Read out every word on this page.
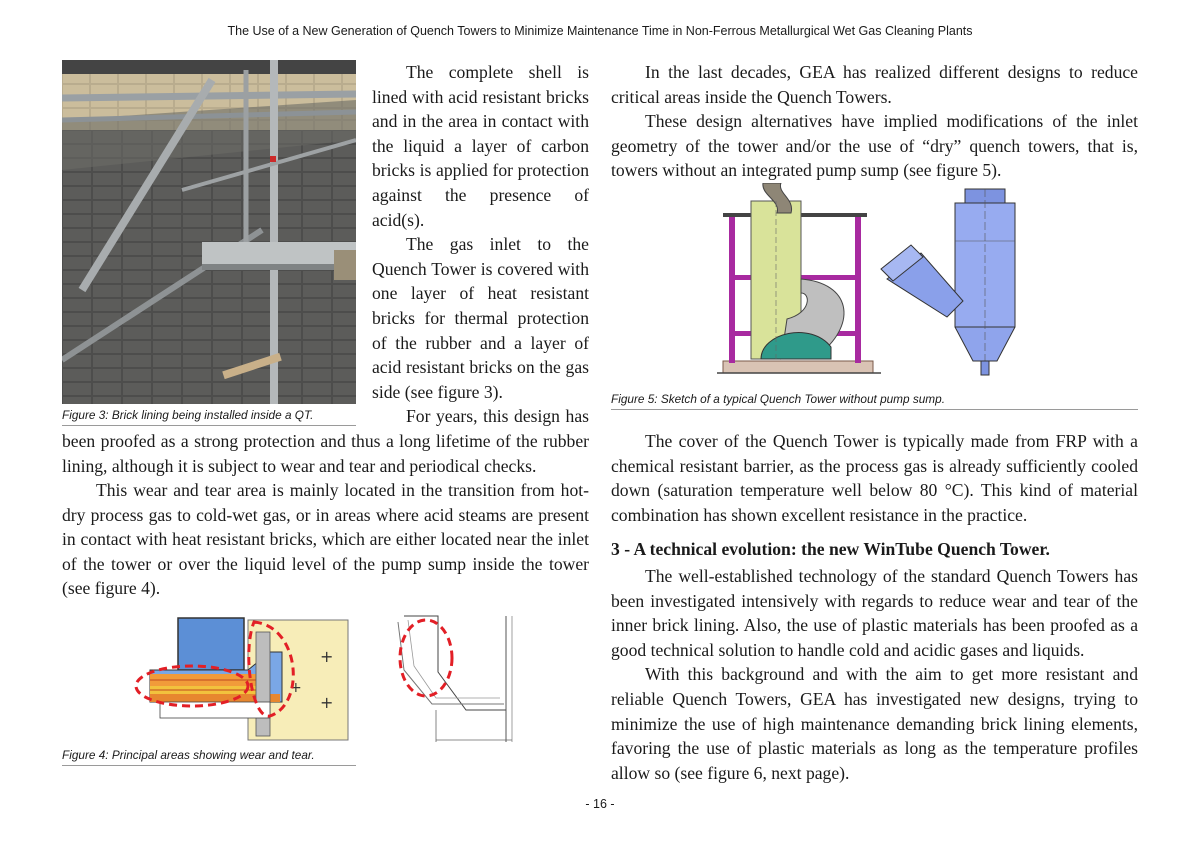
The Use of a New Generation of Quench Towers to Minimize Maintenance Time in Non-Ferrous Metallurgical Wet Gas Cleaning Plants
Figure 3: Brick lining being installed inside a QT.

The complete shell is lined with acid resistant bricks and in the area in contact with the liquid a layer of carbon bricks is applied for protection against the presence of acid(s).

The gas inlet to the Quench Tower is covered with one layer of heat resistant bricks for thermal protection of the rubber and a layer of acid resistant bricks on the gas side (see figure 3).

For years, this design has been proofed as a strong protection and thus a long lifetime of the rubber lining, although it is subject to wear and tear and periodical checks.

This wear and tear area is mainly located in the transition from hot-dry process gas to cold-wet gas, or in areas where acid steams are present in contact with heat resistant bricks, which are either located near the inlet of the tower or over the liquid level of the pump sump inside the tower (see figure 4).

+
+
+
Figure 4: Principal areas showing wear and tear.

In the last decades, GEA has realized different designs to reduce critical areas inside the Quench Towers.

These design alternatives have implied modifications of the inlet geometry of the tower and/or the use of “dry” quench towers, that is, towers without an integrated pump sump (see figure 5).

The cover of the Quench Tower is typically made from FRP with a chemical resistant barrier, as the process gas is already sufficiently cooled down (saturation temperature well below 80 °C). This kind of material combination has shown excellent resistance in the practice.

3 - A technical evolution: the new WinTube Quench Tower.

The well-established technology of the standard Quench Towers has been investigated intensively with regards to reduce wear and tear of the inner brick lining. Also, the use of plastic materials has been proofed as a good technical solution to handle cold and acidic gases and liquids.

With this background and with the aim to get more resistant and reliable Quench Towers, GEA has investigated new designs, trying to minimize the use of high maintenance demanding brick lining elements, favoring the use of plastic materials as long as the temperature profiles allow so (see figure 6, next page).

Figure 5: Sketch of a typical Quench Tower without pump sump.
- 16 -
